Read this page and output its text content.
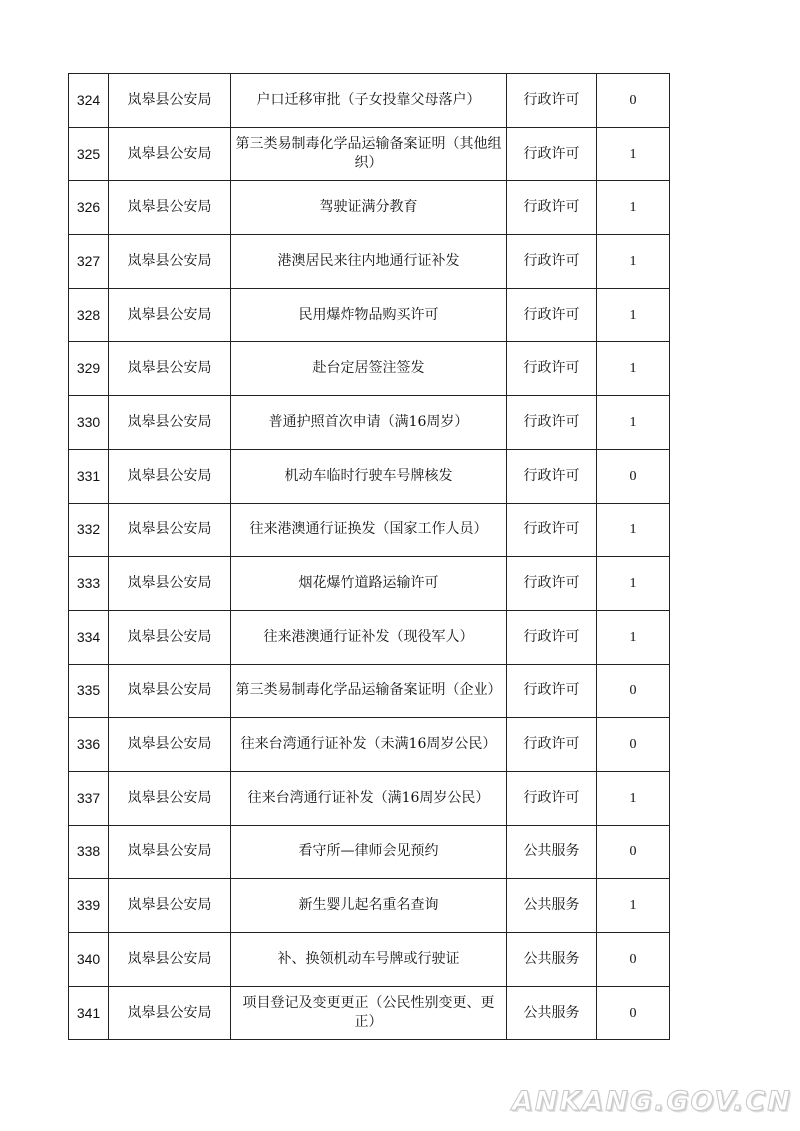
324	岚皋县公安局	户口迁移审批（子女投靠父母落户）	行政许可	0
325	岚皋县公安局	第三类易制毒化学品运输备案证明（其他组织）	行政许可	1
326	岚皋县公安局	驾驶证满分教育	行政许可	1
327	岚皋县公安局	港澳居民来往内地通行证补发	行政许可	1
328	岚皋县公安局	民用爆炸物品购买许可	行政许可	1
329	岚皋县公安局	赴台定居签注签发	行政许可	1
330	岚皋县公安局	普通护照首次申请（满16周岁）	行政许可	1
331	岚皋县公安局	机动车临时行驶车号牌核发	行政许可	0
332	岚皋县公安局	往来港澳通行证换发（国家工作人员）	行政许可	1
333	岚皋县公安局	烟花爆竹道路运输许可	行政许可	1
334	岚皋县公安局	往来港澳通行证补发（现役军人）	行政许可	1
335	岚皋县公安局	第三类易制毒化学品运输备案证明（企业）	行政许可	0
336	岚皋县公安局	往来台湾通行证补发（未满16周岁公民）	行政许可	0
337	岚皋县公安局	往来台湾通行证补发（满16周岁公民）	行政许可	1
338	岚皋县公安局	看守所—律师会见预约	公共服务	0
339	岚皋县公安局	新生婴儿起名重名查询	公共服务	1
340	岚皋县公安局	补、换领机动车号牌或行驶证	公共服务	0
341	岚皋县公安局	项目登记及变更更正（公民性别变更、更正）	公共服务	0
ANKANG.GOV.CN
